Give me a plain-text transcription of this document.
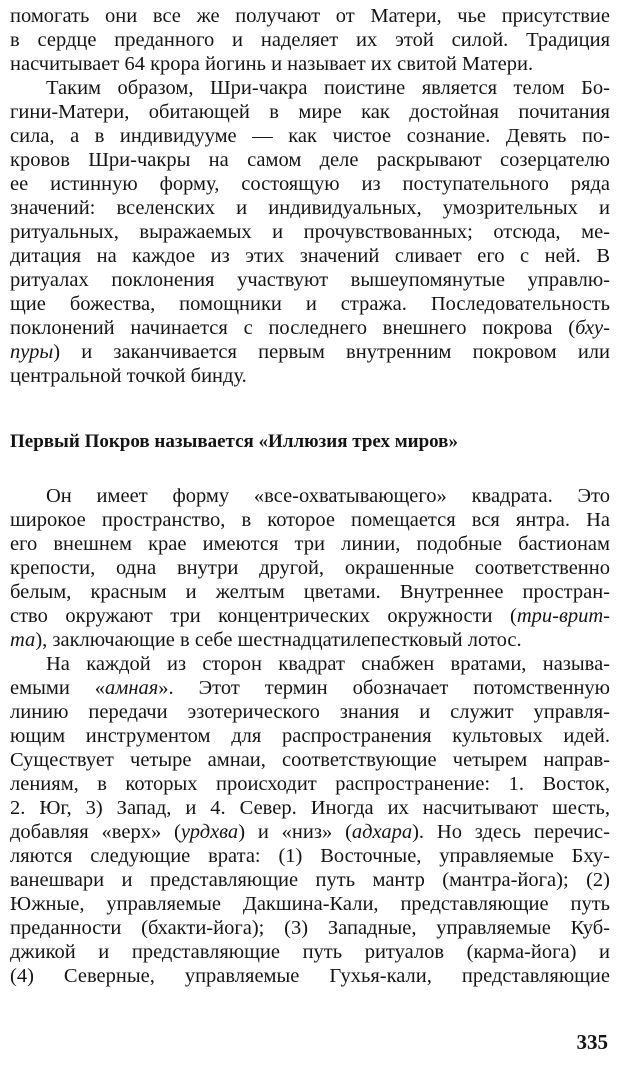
помогать они все же получают от Матери, чье присутствие
в сердце преданного и наделяет их этой силой. Традиция
насчитывает 64 крора йогинь и называет их свитой Матери.
Таким образом, Шри-чакра поистине является телом Бо-
гини-Матери, обитающей в мире как достойная почитания
сила, а в индивидууме — как чистое сознание. Девять по-
кровов Шри-чакры на самом деле раскрывают созерцателю
ее истинную форму, состоящую из поступательного ряда
значений: вселенских и индивидуальных, умозрительных и
ритуальных, выражаемых и прочувствованных; отсюда, ме-
дитация на каждое из этих значений сливает его с ней. В
ритуалах поклонения участвуют вышеупомянутые управлю-
щие божества, помощники и стража. Последовательность
поклонений начинается с последнего внешнего покрова (бху-
пуры) и заканчивается первым внутренним покровом или
центральной точкой бинду.
Первый Покров называется «Иллюзия трех миров»
Он имеет форму «все-охватывающего» квадрата. Это
широкое пространство, в которое помещается вся янтра. На
его внешнем крае имеются три линии, подобные бастионам
крепости, одна внутри другой, окрашенные соответственно
белым, красным и желтым цветами. Внутреннее простран-
ство окружают три концентрических окружности (три-врит-
та), заключающие в себе шестнадцатилепестковый лотос.
На каждой из сторон квадрат снабжен вратами, называ-
емыми «амная». Этот термин обозначает потомственную
линию передачи эзотерического знания и служит управля-
ющим инструментом для распространения культовых идей.
Существует четыре амнаи, соответствующие четырем направ-
лениям, в которых происходит распространение: 1. Восток,
2. Юг, 3) Запад, и 4. Север. Иногда их насчитывают шесть,
добавляя «верх» (урдхва) и «низ» (адхара). Но здесь перечис-
ляются следующие врата: (1) Восточные, управляемые Бху-
ванешвари и представляющие путь мантр (мантра-йога); (2)
Южные, управляемые Дакшина-Кали, представляющие путь
преданности (бхакти-йога); (3) Западные, управляемые Куб-
джикой и представляющие путь ритуалов (карма-йога) и
(4) Северные, управляемые Гухья-кали, представляющие
335
